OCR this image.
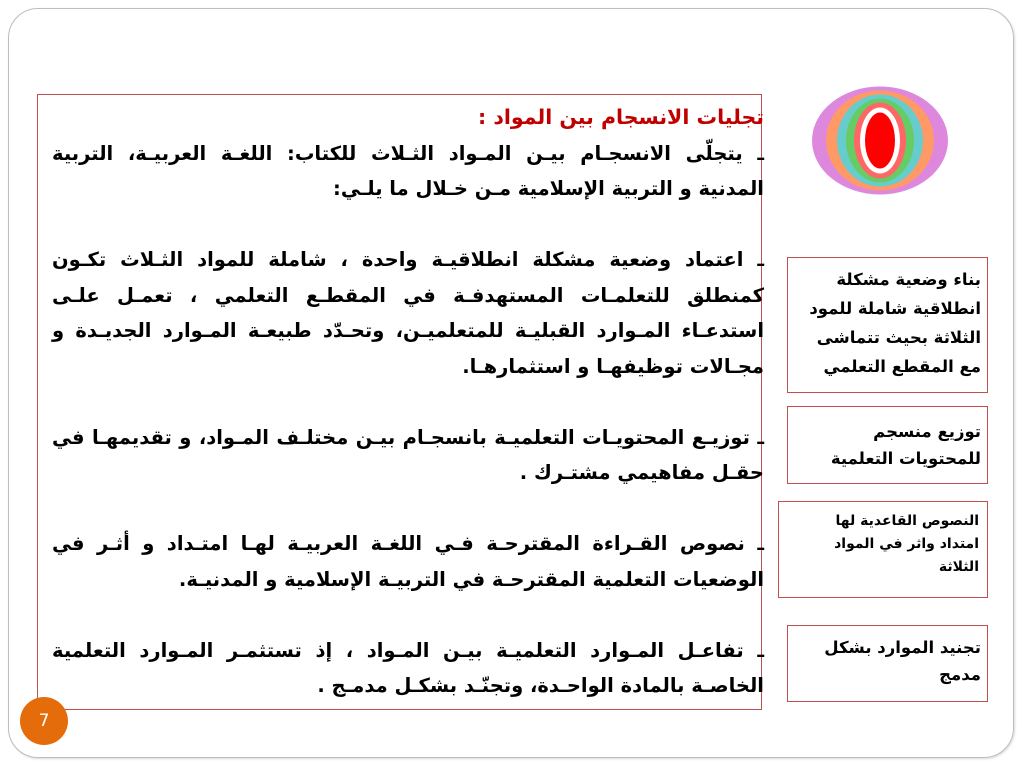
تجليات الانسجام بين المواد :

ـ يتجلّى الانسجـام بيـن المـواد الثـلاث للكتاب: اللغـة العربيـة، التربية المدنية و التربية الإسلامية مـن خـلال ما يلـي:

ـ اعتماد وضعية مشكلة انطلاقيـة واحدة ، شاملة للمواد الثـلاث تكـون كمنطلق للتعلمـات المستهدفـة في المقطـع التعلمي ، تعمـل علـى استدعـاء المـوارد القبليـة للمتعلميـن، وتحـدّد طبيعـة المـوارد الجديـدة و مجـالات توظيفهـا و استثمارهـا.

ـ توزيـع المحتويـات التعلميـة بانسجـام بيـن مختلـف المـواد، و تقديمهـا في حقـل مفاهيمي مشتـرك .

ـ نصوص القـراءة المقترحـة فـي اللغـة العربيـة لهـا امتـداد و أثـر في الوضعيات التعلمية المقترحـة في التربيـة الإسلامية و المدنيـة.

ـ تفاعـل المـوارد التعلميـة بيـن المـواد ، إذ تستثمـر المـوارد التعلمية الخاصـة بالمادة الواحـدة، وتجنّـد بشكـل مدمـج .

بناء وضعية مشكلة
انطلاقية شاملة للمود
الثلاثة بحيث تتماشى
مع المقطع التعلمي
توزيع منسجم
للمحتويات التعلمية
النصوص القاعدية لها
امتداد واثر في المواد
الثلاثة
تجنيد الموارد بشكل
مدمج
7
